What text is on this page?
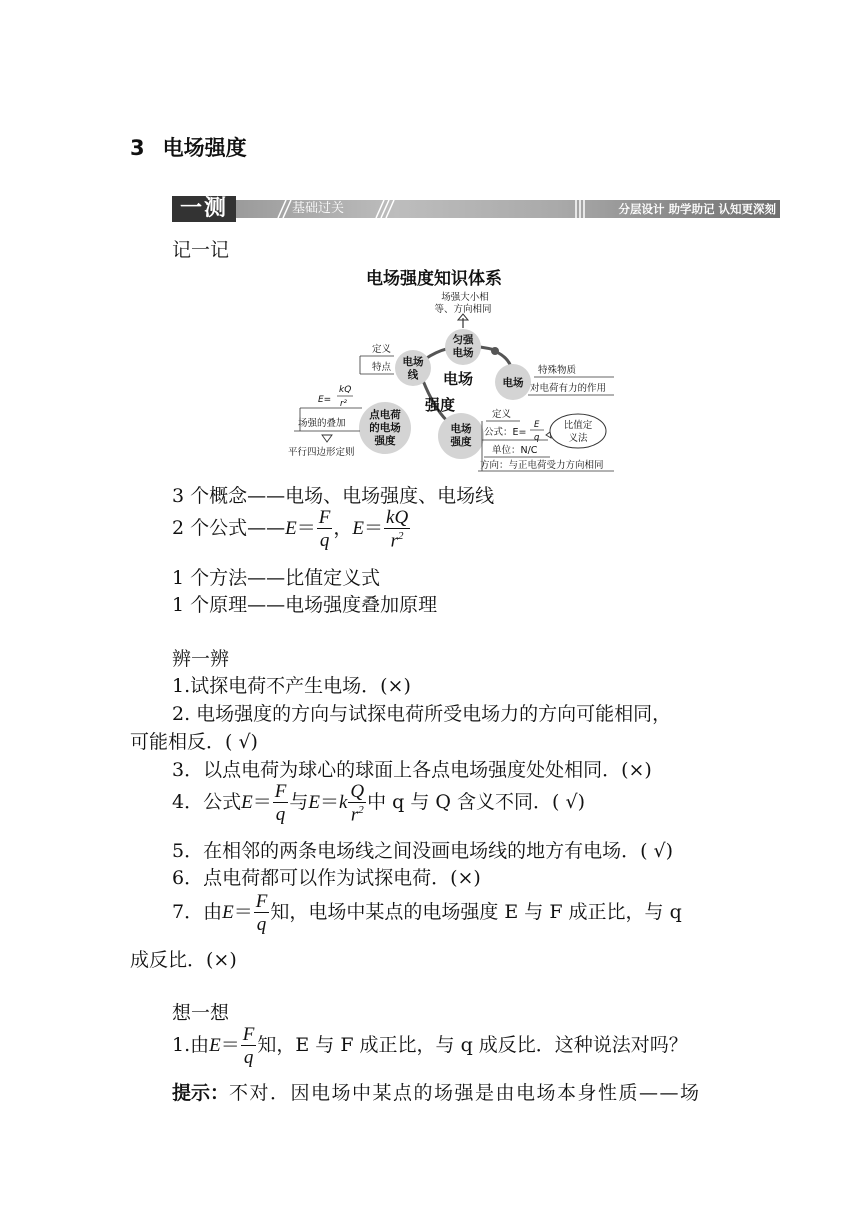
3 电场强度
一测	基础过关	分层设计 助学助记 认知更深刻
记一记
电场强度知识体系
电场
强度
匀强
电场
场强大小相
等、方向相同
电场
线
定义
特点
电场
特殊物质
对电荷有力的作用
点电荷
的电场
强度
E=
kQ
r²
场强的叠加
平行四边形定则
电场
强度
定义
公式：E=
E
q
单位：N/C
方向：与正电荷受力方向相同
比值定
义法
3 个概念——电场、电场强度、电场线
2 个公式——E＝ $\frac{F}{q}$ ，$E= \frac{kQ}{r^2}$
1 个方法——比值定义式
1 个原理——电场强度叠加原理
辨一辨
1.试探电荷不产生电场．(×)
2. 电场强度的方向与试探电荷所受电场力的方向可能相同，
可能相反．( √)
3．以点电荷为球心的球面上各点电场强度处处相同．(×)
4．公式$E= \frac{F}{q}$ 与$E=k \frac{Q}{r^2}$ 中 q 与 Q 含义不同．( √)
5．在相邻的两条电场线之间没画电场线的地方有电场．( √)
6．点电荷都可以作为试探电荷．(×)
7．由$E= \frac{F}{q}$ 知，电场中某点的电场强度 E 与 F 成正比，与 q
成反比．(×)
想一想
1.由$E= \frac{F}{q}$ 知，E 与 F 成正比，与 q 成反比．这种说法对吗？
提示：不对．因电场中某点的场强是由电场本身性质——场
